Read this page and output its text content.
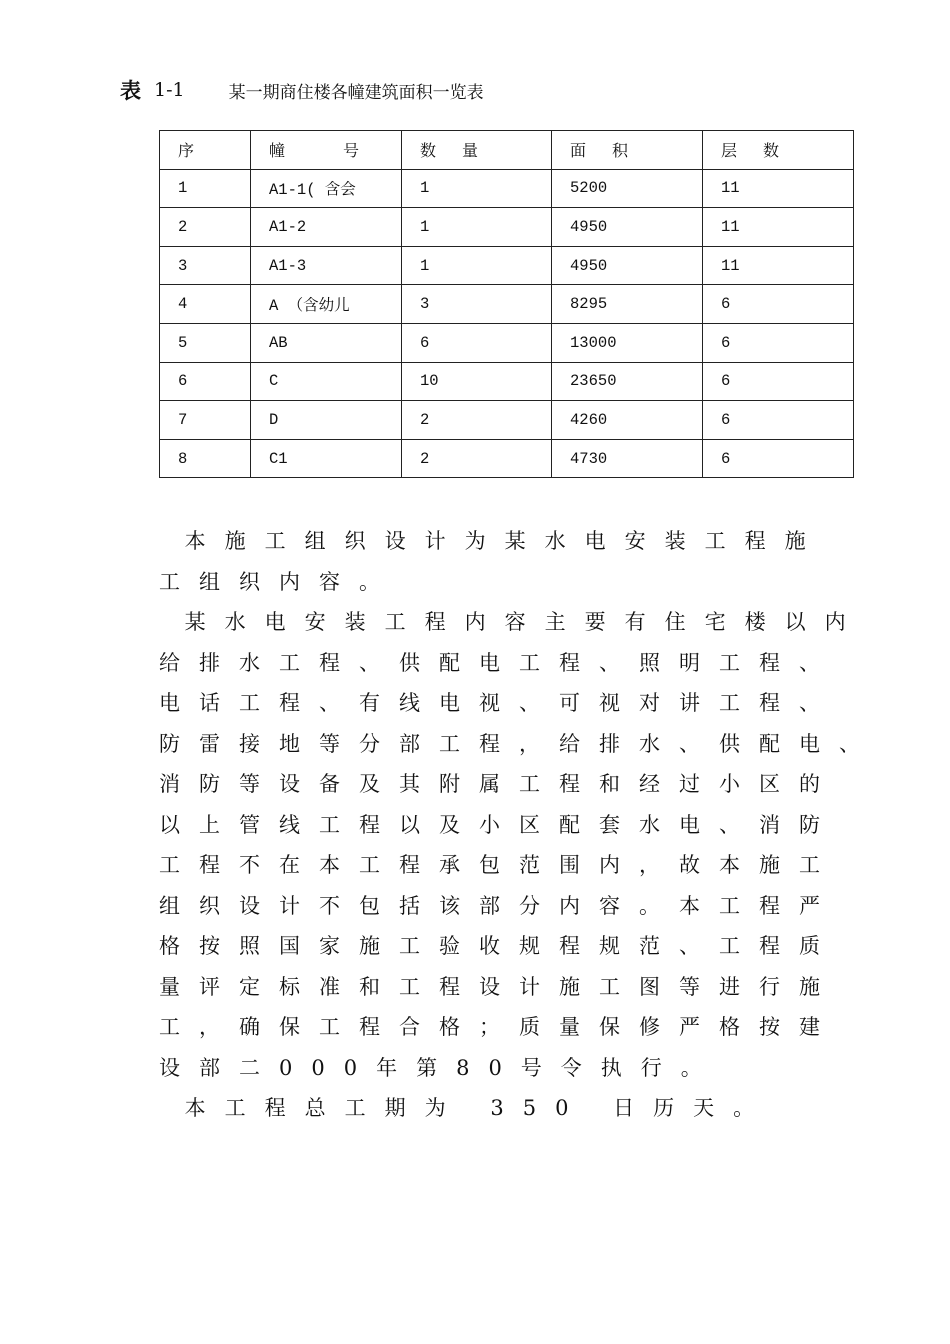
表 1-1	某一期商住楼各幢建筑面积一览表
序	幢号	数量	面积	层数
1	A1-1( 含会	1	5200	11
2	A1-2	1	4950	11
3	A1-3	1	4950	11
4	A （含幼儿	3	8295	6
5	AB	6	13000	6
6	C	10	23650	6
7	D	2	4260	6
8	C1	2	4730	6
本施工组织设计为某水电安装工程施
工组织内容。
某水电安装工程内容主要有住宅楼以内
给排水工程、供配电工程、照明工程、
电话工程、有线电视、可视对讲工程、
防雷接地等分部工程，给排水、供配电、
消防等设备及其附属工程和经过小区的
以上管线工程以及小区配套水电、消防
工程不在本工程承包范围内，故本施工
组织设计不包括该部分内容。本工程严
格按照国家施工验收规程规范、工程质
量评定标准和工程设计施工图等进行施
工，确保工程合格；质量保修严格按建
设部二000年第80号令执行。
本工程总工期为 350 日历天。
